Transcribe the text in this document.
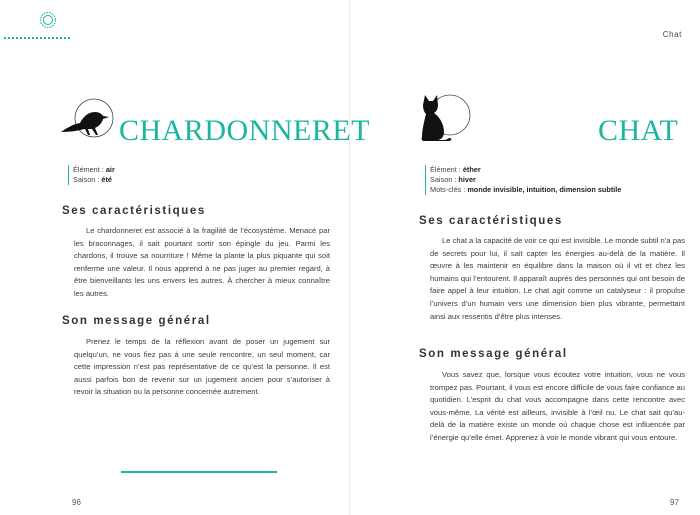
CHARDONNERET
Élément : air
Saison : été
Ses caractéristiques

Le chardonneret est associé à la fragilité de l’écosystème. Menacé par les braconnages, il sait pourtant sortir son épingle du jeu. Parmi les chardons, il trouve sa nourriture ! Même la plante la plus piquante qui soit renferme une valeur. Il nous apprend à ne pas juger au premier regard, à être bienveillants les uns envers les autres. À chercher à mieux connaître les autres.

Son message général

Prenez le temps de la réflexion avant de poser un jugement sur quelqu’un, ne vous fiez pas à une seule rencontre, un seul moment, car cette impression n’est pas représentative de ce qu’est la personne. Il est aussi parfois bon de revenir sur un jugement ancien pour s’autoriser à revoir la situation ou la personne concernée autrement.

96
Chat
CHAT
Élément : éther
Saison : hiver
Mots-clés : monde invisible, intuition, dimension subtile
Ses caractéristiques

Le chat a la capacité de voir ce qui est invisible. Le monde subtil n’a pas de secrets pour lui, il sait capter les énergies au-delà de la matière. Il œuvre à les maintenir en équilibre dans la maison où il vit et chez les humains qui l’entourent. Il apparaît auprès des personnes qui ont besoin de faire appel à leur intuition. Le chat agit comme un catalyseur : il propulse l’univers d’un humain vers une dimension bien plus vibrante, permettant ainsi aux ressentis d’être plus intenses.

Son message général

Vous savez que, lorsque vous écoutez votre intuition, vous ne vous trompez pas. Pourtant, il vous est encore difficile de vous faire confiance au quotidien. L’esprit du chat vous accompagne dans cette rencontre avec vous-même. La vérité est ailleurs, invisible à l’œil nu. Le chat sait qu’au-delà de la matière existe un monde où chaque chose est influencée par l’énergie qu’elle émet. Apprenez à voir le monde vibrant qui vous entoure.

97
